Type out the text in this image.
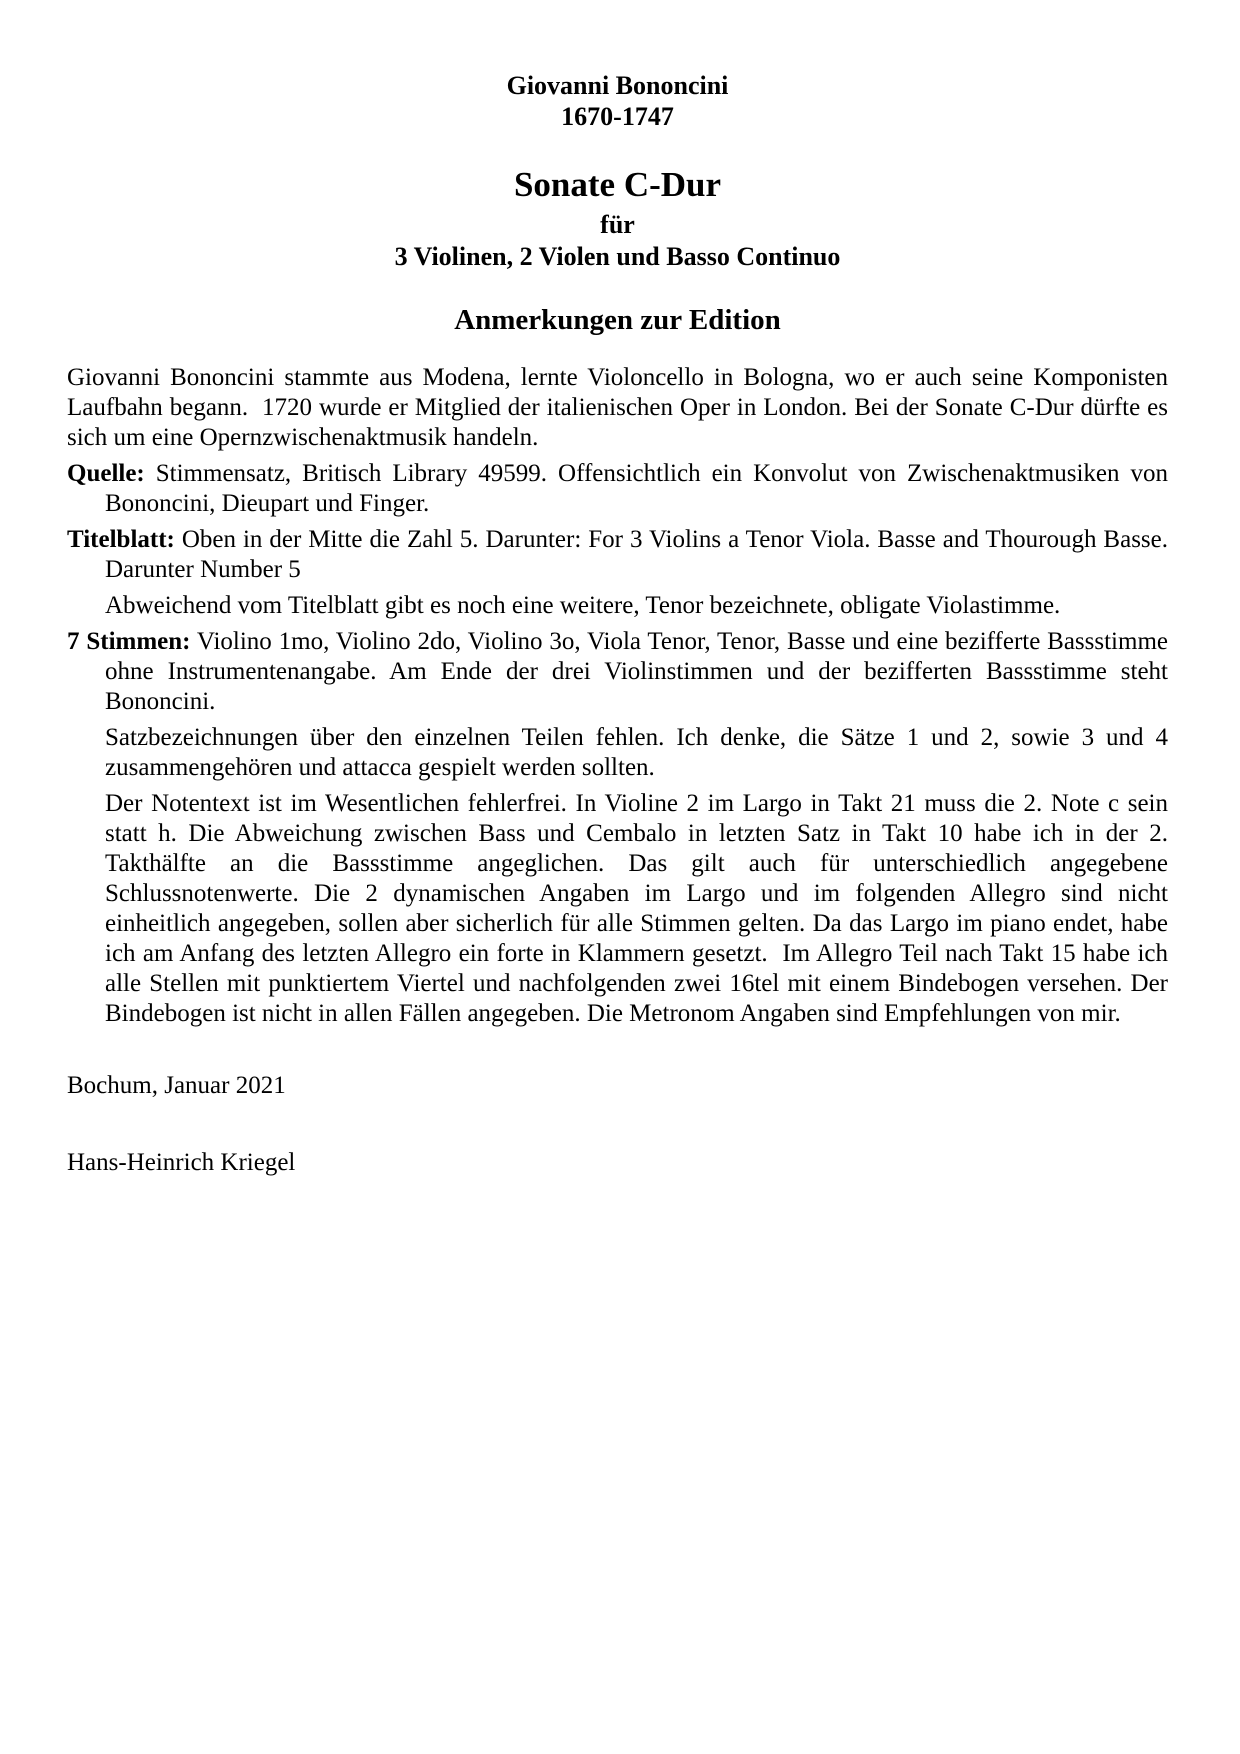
Giovanni Bononcini
1670-1747
Sonate C-Dur
für
3 Violinen, 2 Violen und Basso Continuo
Anmerkungen zur Edition

Giovanni Bononcini stammte aus Modena, lernte Violoncello in Bologna, wo er auch seine Komponisten Laufbahn begann.  1720 wurde er Mitglied der italienischen Oper in London. Bei der Sonate C-Dur dürfte es sich um eine Opernzwischenaktmusik handeln.

Quelle: Stimmensatz, Britisch Library 49599. Offensichtlich ein Konvolut von Zwischenaktmusiken von Bononcini, Dieupart und Finger.

Titelblatt: Oben in der Mitte die Zahl 5. Darunter: For 3 Violins a Tenor Viola. Basse and Thourough Basse. Darunter Number 5

Abweichend vom Titelblatt gibt es noch eine weitere, Tenor bezeichnete, obligate Violastimme.

7 Stimmen: Violino 1mo, Violino 2do, Violino 3o, Viola Tenor, Tenor, Basse und eine bezifferte Bassstimme ohne Instrumentenangabe. Am Ende der drei Violinstimmen und der bezifferten Bassstimme steht Bononcini.

Satzbezeichnungen über den einzelnen Teilen fehlen. Ich denke, die Sätze 1 und 2, sowie 3 und 4 zusammengehören und attacca gespielt werden sollten.

Der Notentext ist im Wesentlichen fehlerfrei. In Violine 2 im Largo in Takt 21 muss die 2. Note c sein statt h. Die Abweichung zwischen Bass und Cembalo in letzten Satz in Takt 10 habe ich in der 2. Takthälfte an die Bassstimme angeglichen. Das gilt auch für unterschiedlich angegebene Schlussnotenwerte. Die 2 dynamischen Angaben im Largo und im folgenden Allegro sind nicht einheitlich angegeben, sollen aber sicherlich für alle Stimmen gelten. Da das Largo im piano endet, habe ich am Anfang des letzten Allegro ein forte in Klammern gesetzt.  Im Allegro Teil nach Takt 15 habe ich alle Stellen mit punktiertem Viertel und nachfolgenden zwei 16tel mit einem Bindebogen versehen. Der Bindebogen ist nicht in allen Fällen angegeben. Die Metronom Angaben sind Empfehlungen von mir.

Bochum, Januar 2021
Hans-Heinrich Kriegel
